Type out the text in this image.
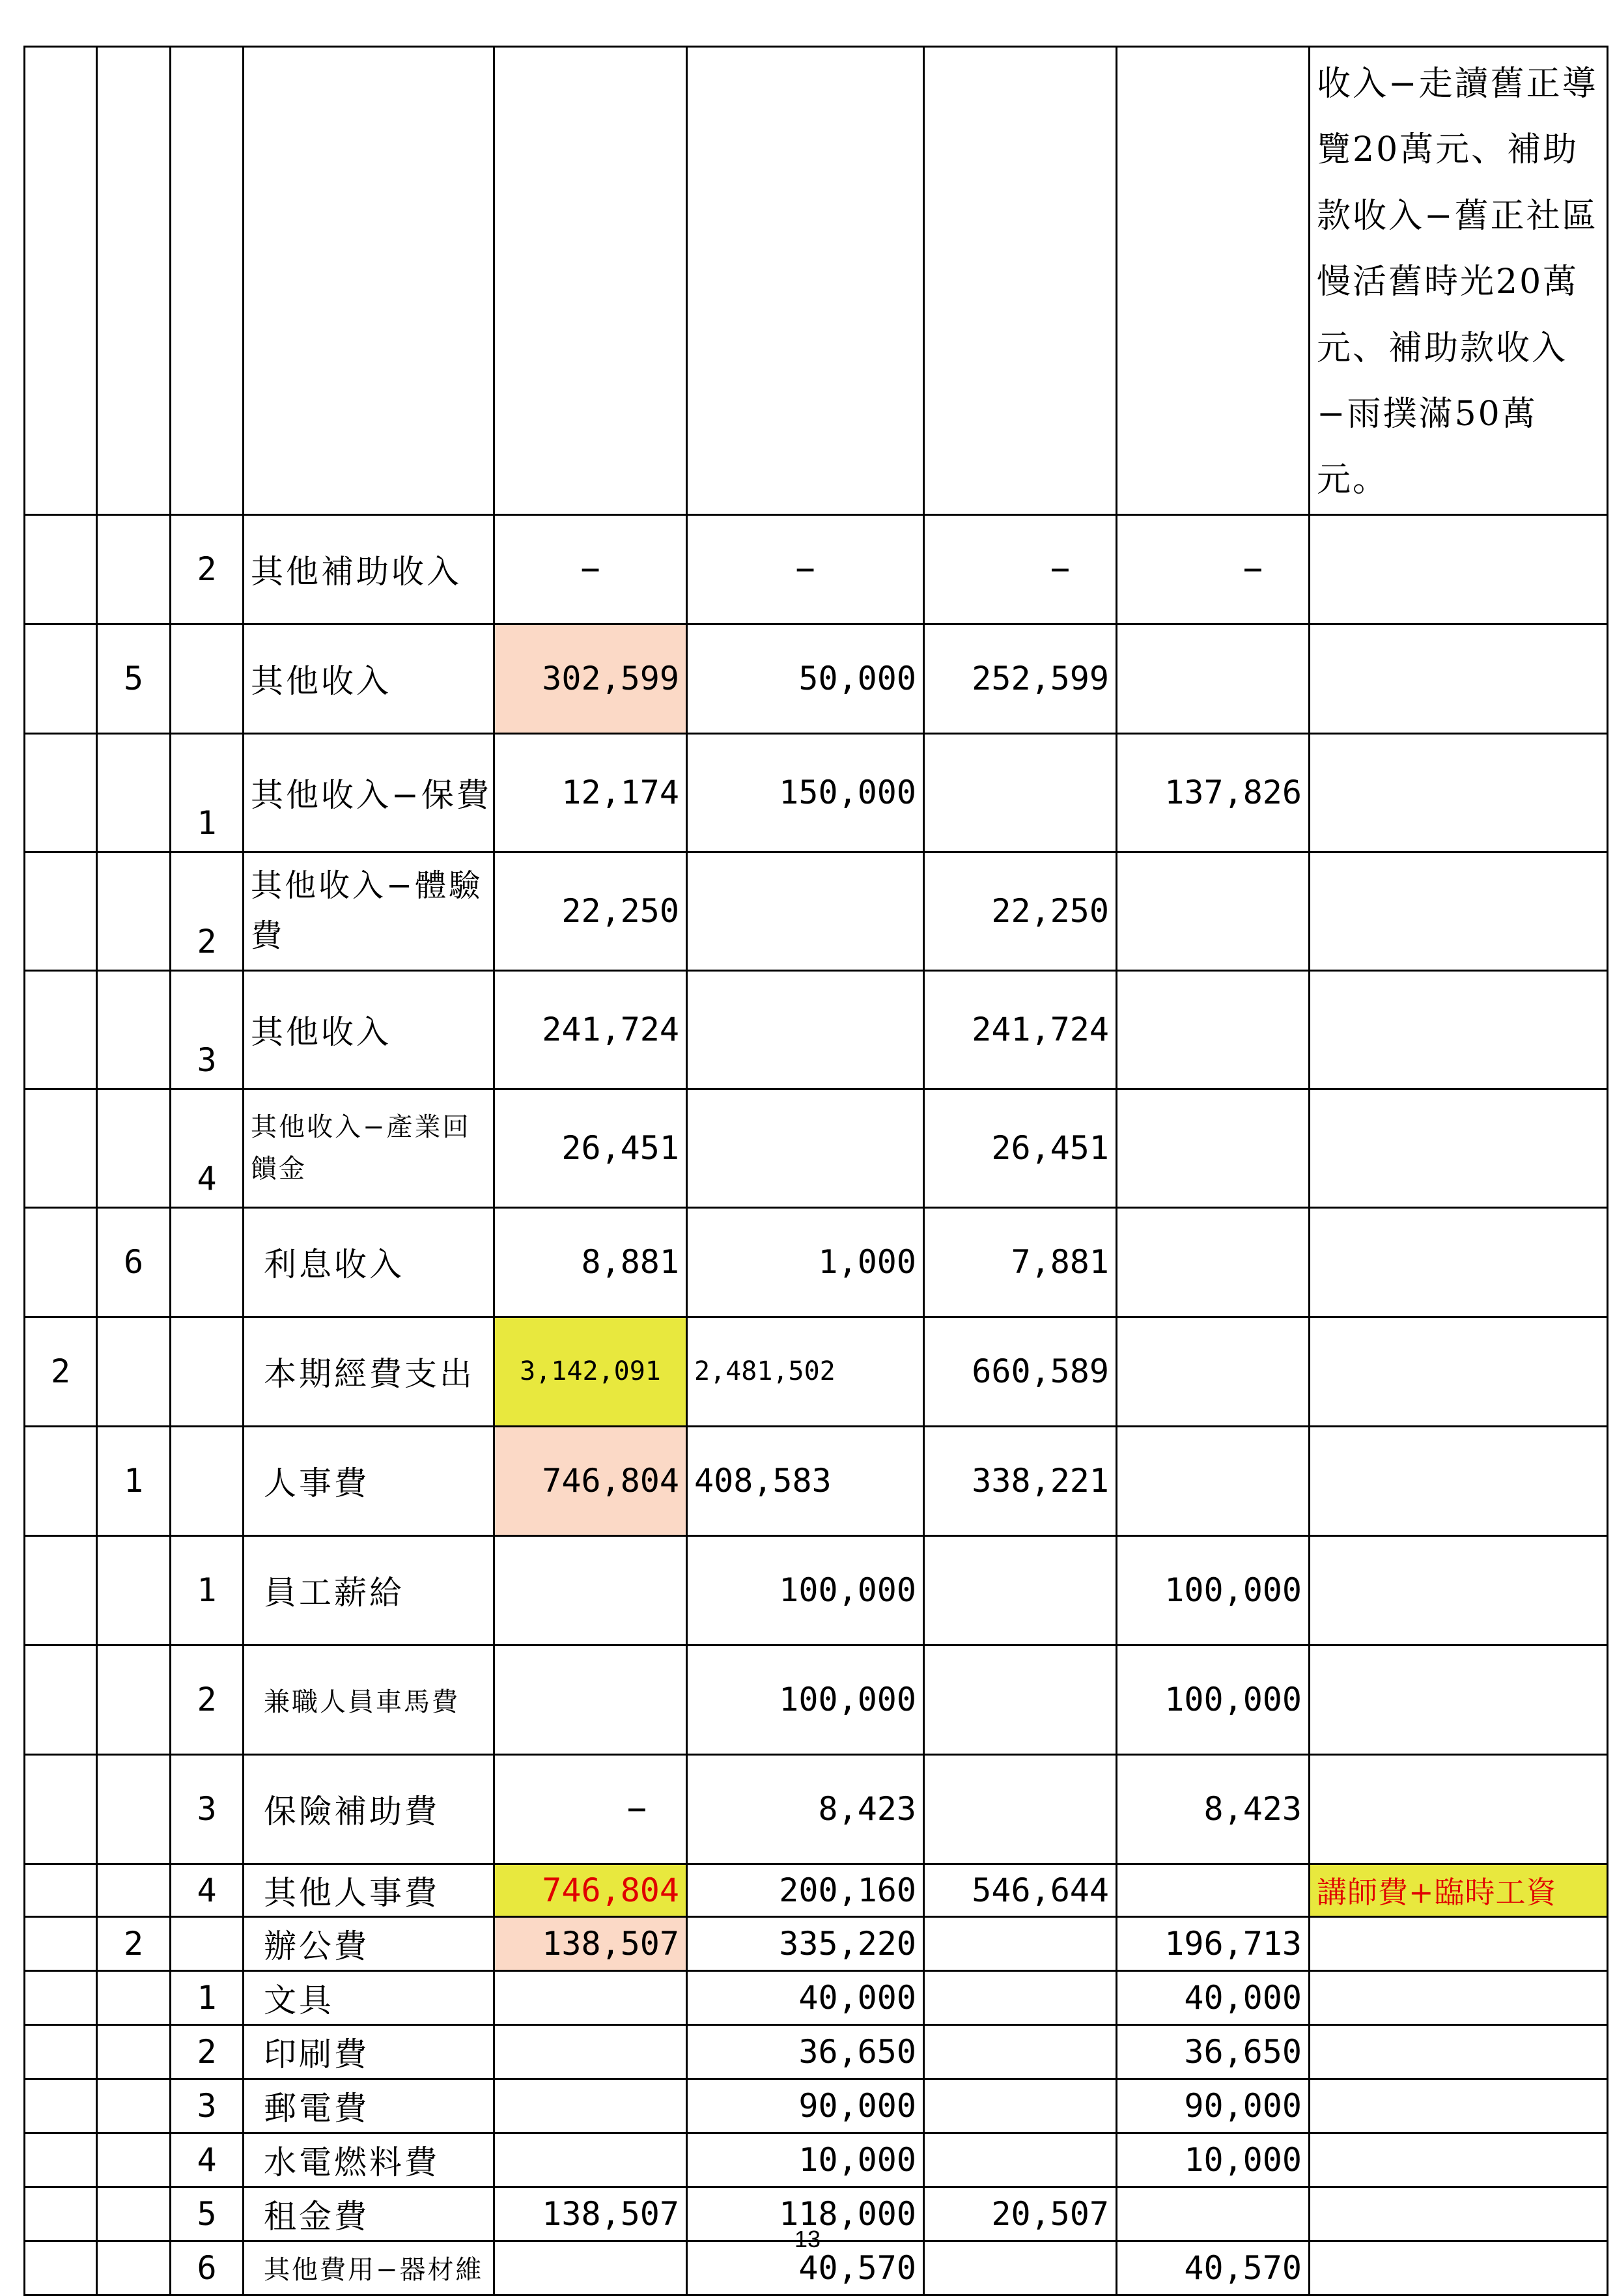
								收入−走讀舊正導覽20萬元、補助款收入−舊正社區慢活舊時光20萬元、補助款收入−雨撲滿50萬元。
		2	其他補助收入	−	−	−	−	
	5		其他收入	302,599	50,000	252,599		
		1	其他收入−保費	12,174	150,000		137,826	
		2	其他收入−體驗費	22,250		22,250		
		3	其他收入	241,724		241,724		
		4	其他收入−產業回饋金	26,451		26,451		
	6		利息收入	8,881	1,000	7,881		
2			本期經費支出	3,142,091	2,481,502	660,589		
	1		人事費	746,804	408,583	338,221		
		1	員工薪給		100,000		100,000	
		2	兼職人員車馬費		100,000		100,000	
		3	保險補助費	−	8,423		8,423	
		4	其他人事費	746,804	200,160	546,644		講師費+臨時工資
	2		辦公費	138,507	335,220		196,713	
		1	文具		40,000		40,000	
		2	印刷費		36,650		36,650	
		3	郵電費		90,000		90,000	
		4	水電燃料費		10,000		10,000	
		5	租金費	138,507	118,000	20,507		
		6	其他費用−器材維		40,570		40,570	
13
